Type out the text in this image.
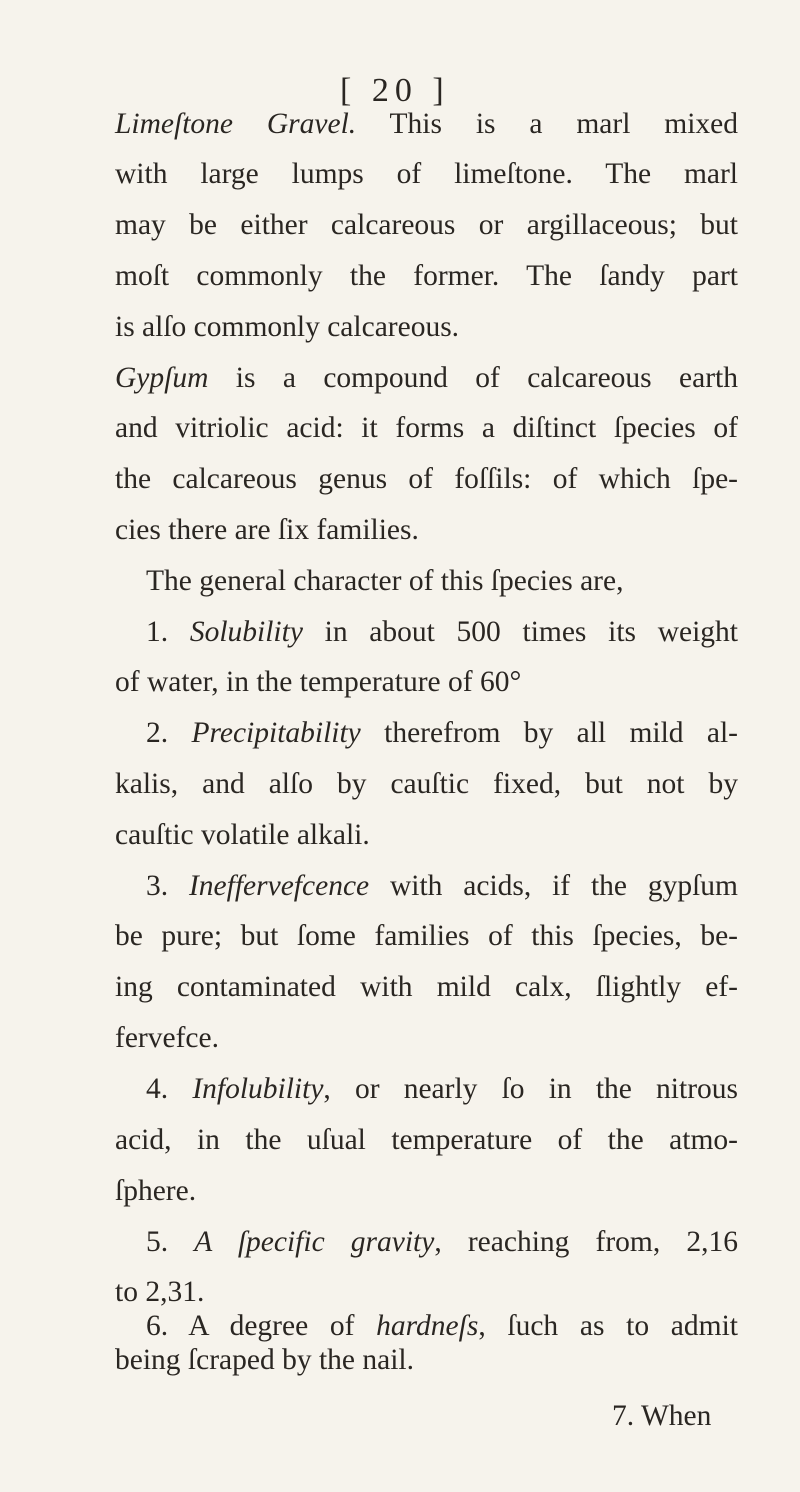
[ 20 ]
Limeſtone Gravel. This is a marl mixed
with large lumps of limeſtone. The marl
may be either calcareous or argillaceous; but
moſt commonly the former. The ſandy part
is alſo commonly calcareous.
Gypſum is a compound of calcareous earth
and vitriolic acid: it forms a diſtinct ſpecies of
the calcareous genus of foſſils: of which ſpe-
cies there are ſix families.
The general character of this ſpecies are,
1. Solubility in about 500 times its weight
of water, in the temperature of 60°
2. Precipitability therefrom by all mild al-
kalis, and alſo by cauſtic fixed, but not by
cauſtic volatile alkali.
3. Ineffervefcence with acids, if the gypſum
be pure; but ſome families of this ſpecies, be-
ing contaminated with mild calx, ſlightly ef-
fervefce.
4. Infolubility, or nearly ſo in the nitrous
acid, in the uſual temperature of the atmo-
ſphere.
5. A ſpecific gravity, reaching from, 2,16
to 2,31.
6. A degree of hardneſs, ſuch as to admit
being ſcraped by the nail.
7. When
